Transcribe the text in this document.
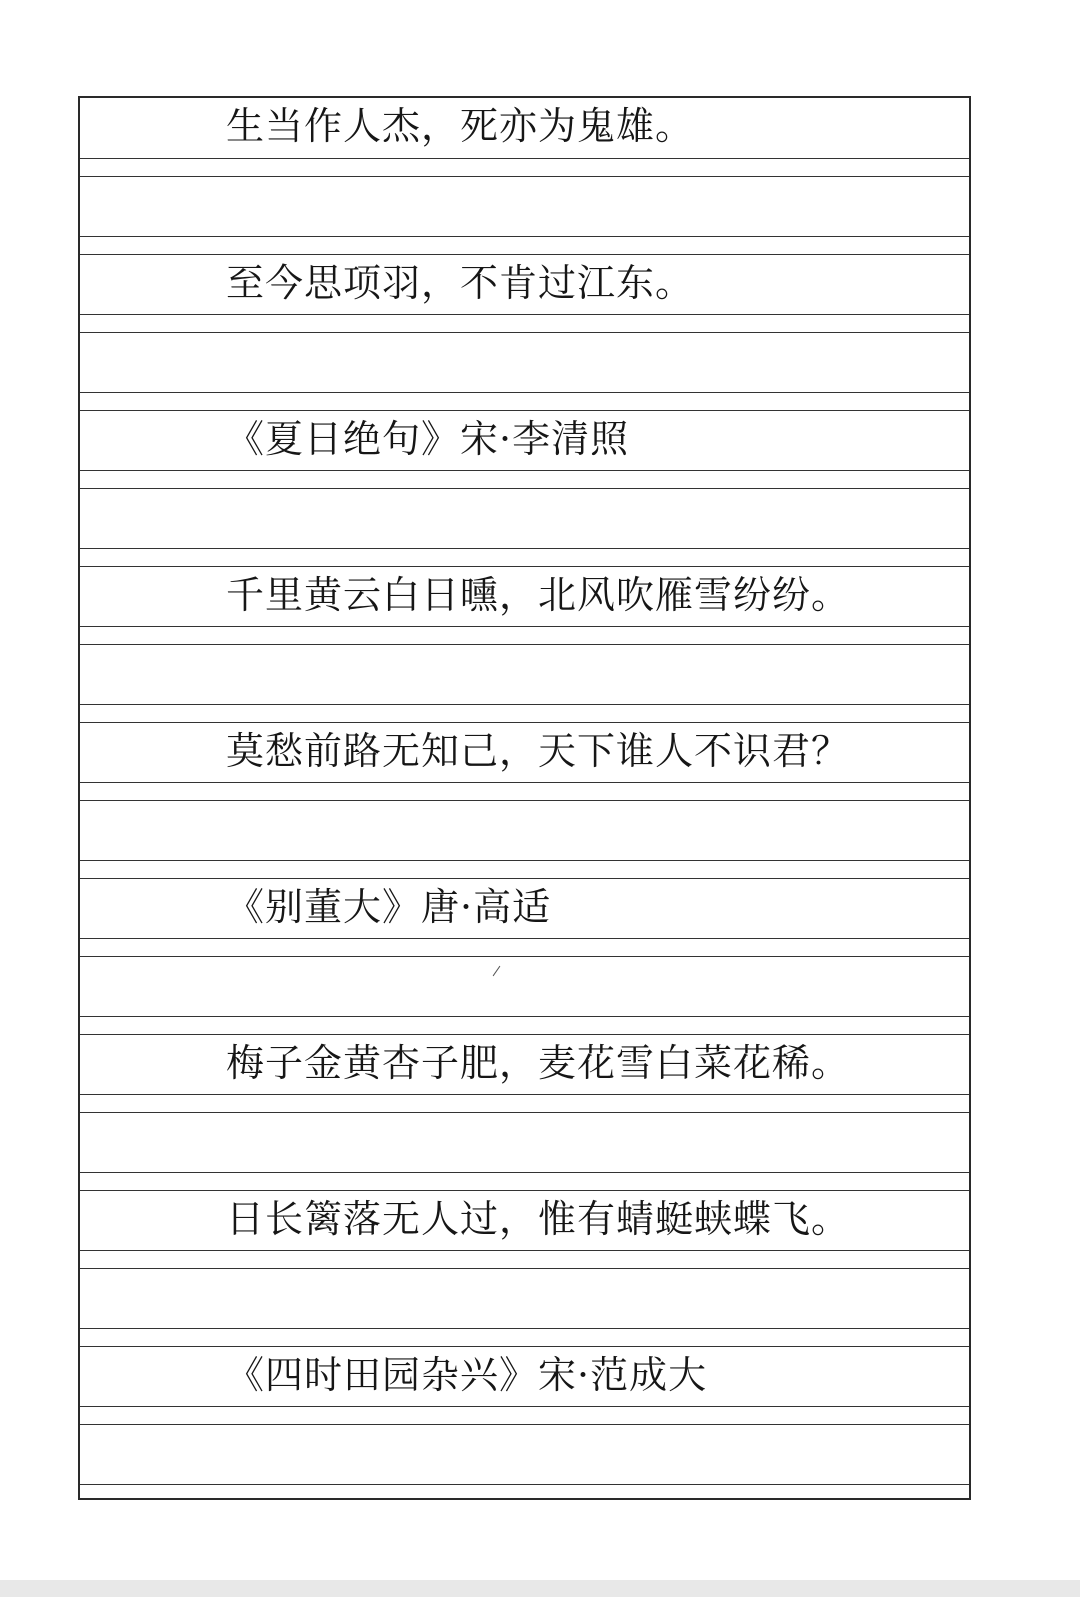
生当作人杰，死亦为鬼雄。
至今思项羽，不肯过江东。
《夏日绝句》宋·李清照
千里黄云白日曛，北风吹雁雪纷纷。
莫愁前路无知己，天下谁人不识君？
《别董大》唐·高适
梅子金黄杏子肥，麦花雪白菜花稀。
日长篱落无人过，惟有蜻蜓蛱蝶飞。
《四时田园杂兴》宋·范成大
